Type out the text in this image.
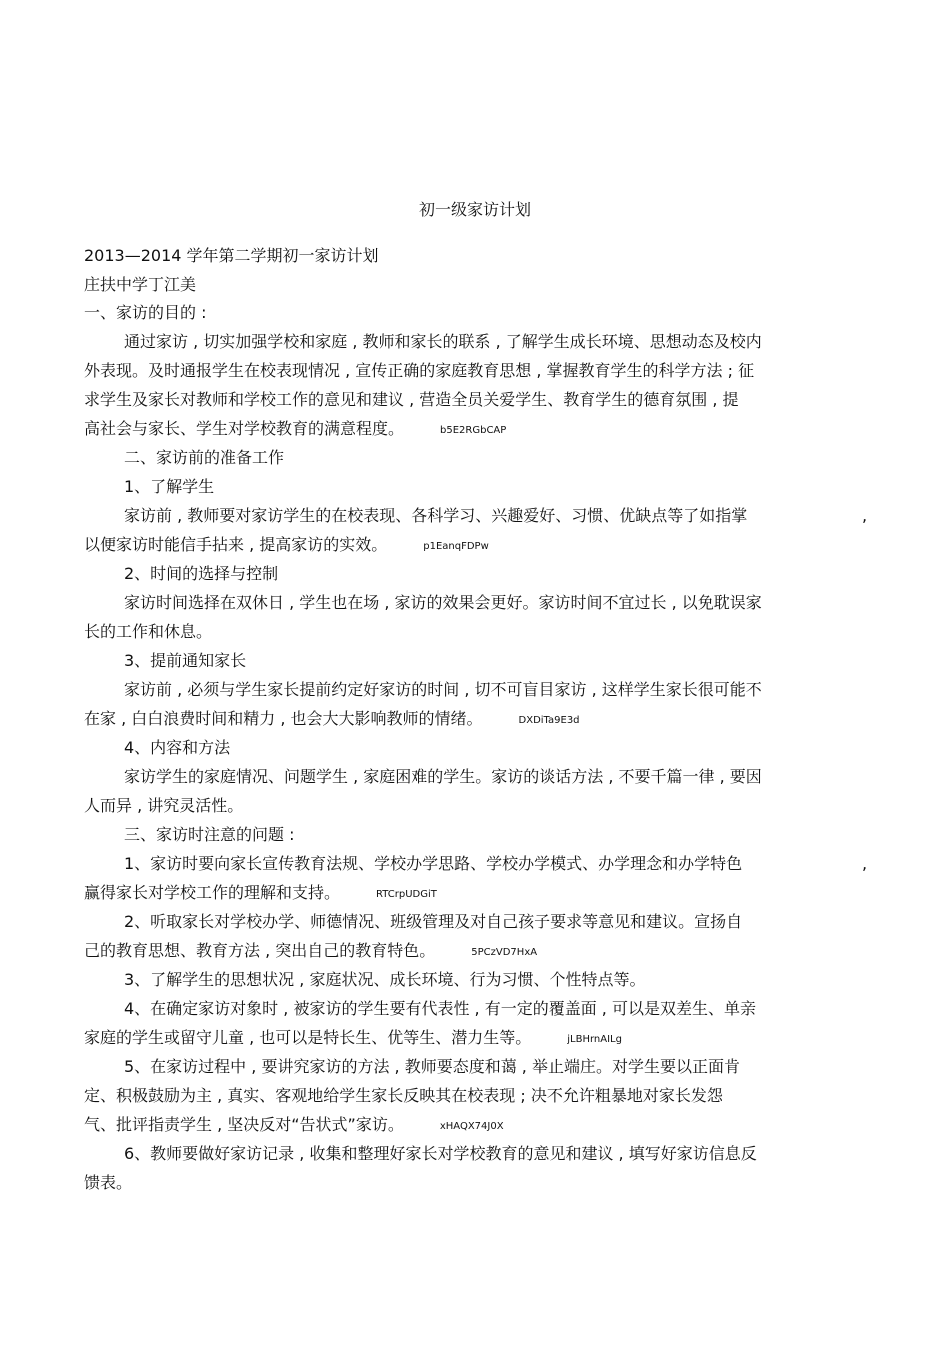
初一级家访计划
2013—2014 学年第二学期初一家访计划
庄扶中学丁江美
一、家访的目的 :
通过家访 , 切实加强学校和家庭 , 教师和家长的联系 , 了解学生成长环境、思想动态及校内
外表现。及时通报学生在校表现情况 , 宣传正确的家庭教育思想 , 掌握教育学生的科学方法 ; 征
求学生及家长对教师和学校工作的意见和建议 , 营造全员关爱学生、教育学生的德育氛围 , 提
高社会与家长、学生对学校教育的满意程度。	b5E2RGbCAP
二、家访前的准备工作
1、了解学生
家访前 , 教师要对家访学生的在校表现、各科学习、兴趣爱好、习惯、优缺点等了如指掌	,
以便家访时能信手拈来 , 提高家访的实效。	p1EanqFDPw
2、时间的选择与控制
家访时间选择在双休日 , 学生也在场 , 家访的效果会更好。家访时间不宜过长 , 以免耽误家
长的工作和休息。
3、提前通知家长
家访前 , 必须与学生家长提前约定好家访的时间 , 切不可盲目家访 , 这样学生家长很可能不
在家 , 白白浪费时间和精力 , 也会大大影响教师的情绪。	DXDiTa9E3d
4、内容和方法
家访学生的家庭情况、问题学生 , 家庭困难的学生。家访的谈话方法 , 不要千篇一律 , 要因
人而异 , 讲究灵活性。
三、家访时注意的问题 :
1、家访时要向家长宣传教育法规、学校办学思路、学校办学模式、办学理念和办学特色	,
赢得家长对学校工作的理解和支持。	RTCrpUDGiT
2、听取家长对学校办学、师德情况、班级管理及对自己孩子要求等意见和建议。宣扬自
己的教育思想、教育方法 , 突出自己的教育特色。	5PCzVD7HxA
3、了解学生的思想状况 , 家庭状况、成长环境、行为习惯、个性特点等。
4、在确定家访对象时 , 被家访的学生要有代表性 , 有一定的覆盖面 , 可以是双差生、单亲
家庭的学生或留守儿童 , 也可以是特长生、优等生、潜力生等。	jLBHrnAILg
5、在家访过程中 , 要讲究家访的方法 , 教师要态度和蔼 , 举止端庄。对学生要以正面肯
定、积极鼓励为主 , 真实、客观地给学生家长反映其在校表现 ; 决不允许粗暴地对家长发怨
气、批评指责学生 , 坚决反对“告状式”家访。	xHAQX74J0X
6、教师要做好家访记录 , 收集和整理好家长对学校教育的意见和建议 , 填写好家访信息反
馈表。
